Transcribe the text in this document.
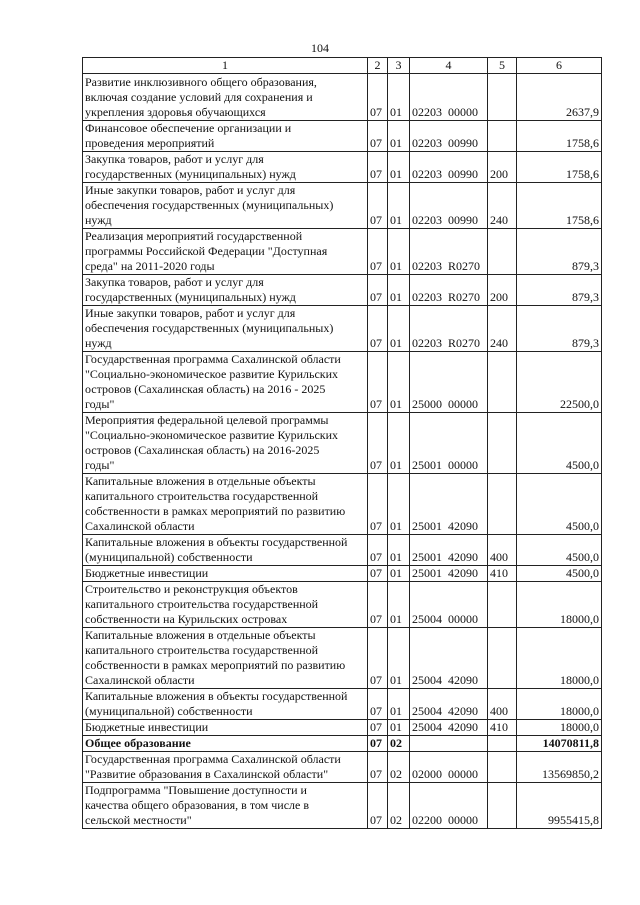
104
1	2	3	4	5	6
Развитие инклюзивного общего образования,
включая создание условий для сохранения и
укрепления здоровья обучающихся	07	01	02203  00000		2637,9
Финансовое обеспечение организации и
проведения мероприятий	07	01	02203  00990		1758,6
Закупка товаров, работ и услуг для
государственных (муниципальных) нужд	07	01	02203  00990	200	1758,6
Иные закупки товаров, работ и услуг для
обеспечения государственных (муниципальных)
нужд	07	01	02203  00990	240	1758,6
Реализация мероприятий государственной
программы Российской Федерации "Доступная
среда" на 2011-2020 годы	07	01	02203  R0270		879,3
Закупка товаров, работ и услуг для
государственных (муниципальных) нужд	07	01	02203  R0270	200	879,3
Иные закупки товаров, работ и услуг для
обеспечения государственных (муниципальных)
нужд	07	01	02203  R0270	240	879,3
Государственная программа Сахалинской области
"Социально-экономическое развитие Курильских
островов (Сахалинская область) на 2016 - 2025
годы"	07	01	25000  00000		22500,0
Мероприятия федеральной целевой программы
"Социально-экономическое развитие Курильских
островов (Сахалинская область) на 2016-2025
годы"	07	01	25001  00000		4500,0
Капитальные вложения в отдельные объекты
капитального строительства государственной
собственности в рамках мероприятий по развитию
Сахалинской области	07	01	25001  42090		4500,0
Капитальные вложения в объекты государственной
(муниципальной) собственности	07	01	25001  42090	400	4500,0
Бюджетные инвестиции	07	01	25001  42090	410	4500,0
Строительство и реконструкция объектов
капитального строительства государственной
собственности на Курильских островах	07	01	25004  00000		18000,0
Капитальные вложения в отдельные объекты
капитального строительства государственной
собственности в рамках мероприятий по развитию
Сахалинской области	07	01	25004  42090		18000,0
Капитальные вложения в объекты государственной
(муниципальной) собственности	07	01	25004  42090	400	18000,0
Бюджетные инвестиции	07	01	25004  42090	410	18000,0
Общее образование	07	02			14070811,8
Государственная программа Сахалинской области
"Развитие образования в Сахалинской области"	07	02	02000  00000		13569850,2
Подпрограмма "Повышение доступности и
качества общего образования, в том числе в
сельской местности"	07	02	02200  00000		9955415,8
